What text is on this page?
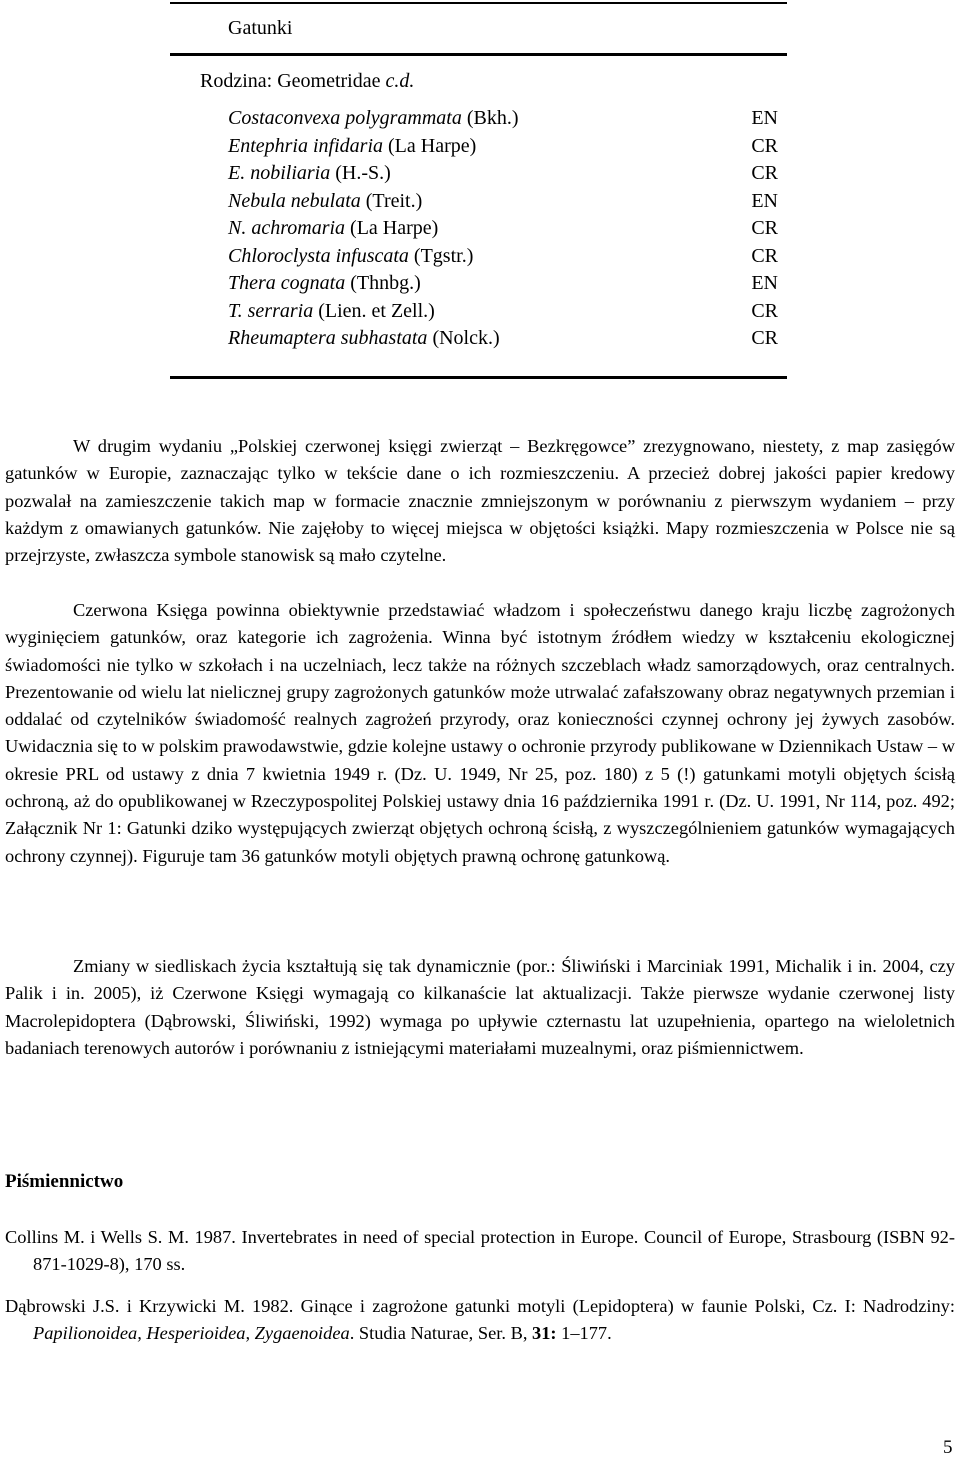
Gatunki
Rodzina: Geometridae c.d.
Costaconvexa polygrammata (Bkh.)
Entephria infidaria (La Harpe)
E. nobiliaria (H.-S.)
Nebula nebulata (Treit.)
N. achromaria (La Harpe)
Chloroclysta infuscata (Tgstr.)
Thera cognata (Thnbg.)
T. serraria (Lien. et Zell.)
Rheumaptera subhastata (Nolck.)
EN
CR
CR
EN
CR
CR
EN
CR
CR
W drugim wydaniu „Polskiej czerwonej księgi zwierząt – Bezkręgowce” zrezygnowano, niestety, z map zasięgów gatunków w Europie, zaznaczając tylko w tekście dane o ich rozmieszczeniu. A przecież dobrej jakości papier kredowy pozwalał na zamieszczenie takich map w formacie znacznie zmniejszonym w porównaniu z pierwszym wydaniem – przy każdym z omawianych gatunków. Nie zajęłoby to więcej miejsca w objętości książki. Mapy rozmieszczenia w Polsce nie są przejrzyste, zwłaszcza symbole stanowisk są mało czytelne.
Czerwona Księga powinna obiektywnie przedstawiać władzom i społeczeństwu danego kraju liczbę zagrożonych wyginięciem gatunków, oraz kategorie ich zagrożenia. Winna być istotnym źródłem wiedzy w kształceniu ekologicznej świadomości nie tylko w szkołach i na uczelniach, lecz także na różnych szczeblach władz samorządowych, oraz centralnych. Prezentowanie od wielu lat nielicznej grupy zagrożonych gatunków może utrwalać zafałszowany obraz negatywnych przemian i oddalać od czytelników świadomość realnych zagrożeń przyrody, oraz konieczności czynnej ochrony jej żywych zasobów. Uwidacznia się to w polskim prawodawstwie, gdzie kolejne ustawy o ochronie przyrody publikowane w Dziennikach Ustaw – w okresie PRL od ustawy z dnia 7 kwietnia 1949 r. (Dz. U. 1949, Nr 25, poz. 180) z 5 (!) gatunkami motyli objętych ścisłą ochroną, aż do opublikowanej w Rzeczypospolitej Polskiej ustawy dnia 16 października 1991 r. (Dz. U. 1991, Nr 114, poz. 492; Załącznik Nr 1: Gatunki dziko występujących zwierząt objętych ochroną ścisłą, z wyszczególnieniem gatunków wymagających ochrony czynnej). Figuruje tam 36 gatunków motyli objętych prawną ochronę gatunkową.
Zmiany w siedliskach życia kształtują się tak dynamicznie (por.: Śliwiński i Marciniak 1991, Michalik i in. 2004, czy Palik i in. 2005), iż Czerwone Księgi wymagają co kilkanaście lat aktualizacji. Także pierwsze wydanie czerwonej listy Macrolepidoptera (Dąbrowski, Śliwiński, 1992) wymaga po upływie czternastu lat uzupełnienia, opartego na wieloletnich badaniach terenowych autorów i porównaniu z istniejącymi materiałami muzealnymi, oraz piśmiennictwem.
Piśmiennictwo
Collins M. i Wells S. M. 1987. Invertebrates in need of special protection in Europe. Council of Europe, Strasbourg (ISBN 92-871-1029-8), 170 ss.
Dąbrowski J.S. i Krzywicki M. 1982. Ginące i zagrożone gatunki motyli (Lepidoptera) w faunie Polski, Cz. I: Nadrodziny: Papilionoidea, Hesperioidea, Zygaenoidea. Studia Naturae, Ser. B, 31: 1–177.
5
